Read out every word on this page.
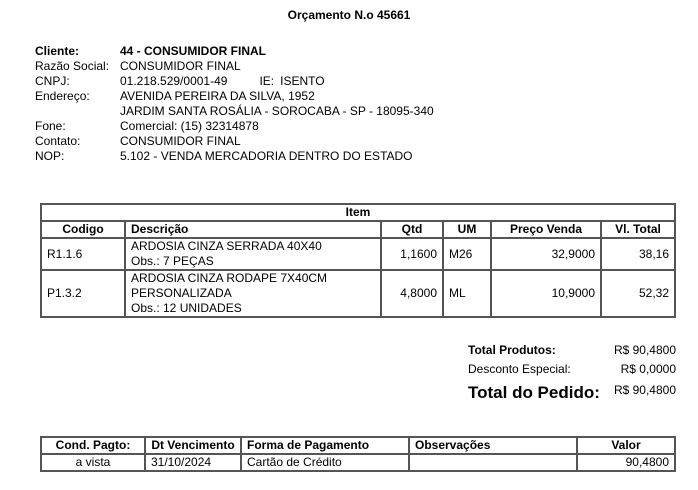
Orçamento N.o 45661
Cliente:	44 - CONSUMIDOR FINAL
Razão Social: CONSUMIDOR FINAL
CNPJ:	01.218.529/0001-49	IE: ISENTO
Endereço:	AVENIDA PEREIRA DA SILVA, 1952
JARDIM SANTA ROSÁLIA - SOROCABA - SP - 18095-340
Fone:	Comercial: (15) 32314878
Contato:	CONSUMIDOR FINAL
NOP:	5.102 - VENDA MERCADORIA DENTRO DO ESTADO
Item					
Codigo	Descrição	Qtd	UM	Preço Venda	Vl. Total
R1.1.6	ARDOSIA CINZA SERRADA 40X40
Obs.: 7 PEÇAS	1,1600	M26	32,9000	38,16
P1.3.2	ARDOSIA CINZA RODAPE 7X40CM
PERSONALIZADA
Obs.: 12 UNIDADES	4,8000	ML	10,9000	52,32
Total Produtos:	R$ 90,4800
Desconto Especial:	R$ 0,0000
Total do Pedido: R$ 90,4800
Cond. Pagto:	Dt Vencimento	Forma de Pagamento	Observações	Valor
a vista	31/10/2024	Cartão de Crédito		90,4800
